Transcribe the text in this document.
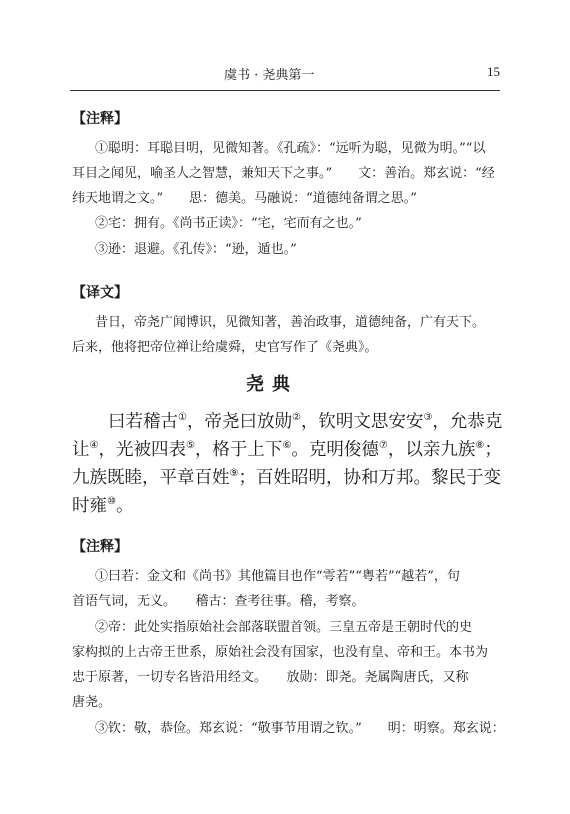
虞书 · 尧典第一	15
【注释】
①聪明：耳聪目明，见微知著。《孔疏》：“远听为聪，见微为明。”“以
耳目之闻见，喻圣人之智慧，兼知天下之事。”　　文：善治。郑玄说：“经
纬天地谓之文。”　　思：德美。马融说：“道德纯备谓之思。”
②宅：拥有。《尚书正读》：“宅，宅而有之也。”
③逊：退避。《孔传》：“逊，遁也。”
【译文】
昔日，帝尧广闻博识，见微知著，善治政事，道德纯备，广有天下。
后来，他将把帝位禅让给虞舜，史官写作了《尧典》。
尧典
曰若稽古①，帝尧曰放勋②，钦明文思安安③，允恭克
让④，光被四表⑤，格于上下⑥。克明俊德⑦，以亲九族⑧；
九族既睦，平章百姓⑨；百姓昭明，协和万邦。黎民于变
时雍⑩。
【注释】
①曰若：金文和《尚书》其他篇目也作“雩若”“粤若”“越若”，句
首语气词，无义。　　稽古：查考往事。稽，考察。
②帝：此处实指原始社会部落联盟首领。三皇五帝是王朝时代的史
家构拟的上古帝王世系，原始社会没有国家，也没有皇、帝和王。本书为
忠于原著，一切专名皆沿用经文。　　放勋：即尧。尧属陶唐氏，又称
唐尧。
③钦：敬，恭俭。郑玄说：“敬事节用谓之钦。”　　明：明察。郑玄说：
